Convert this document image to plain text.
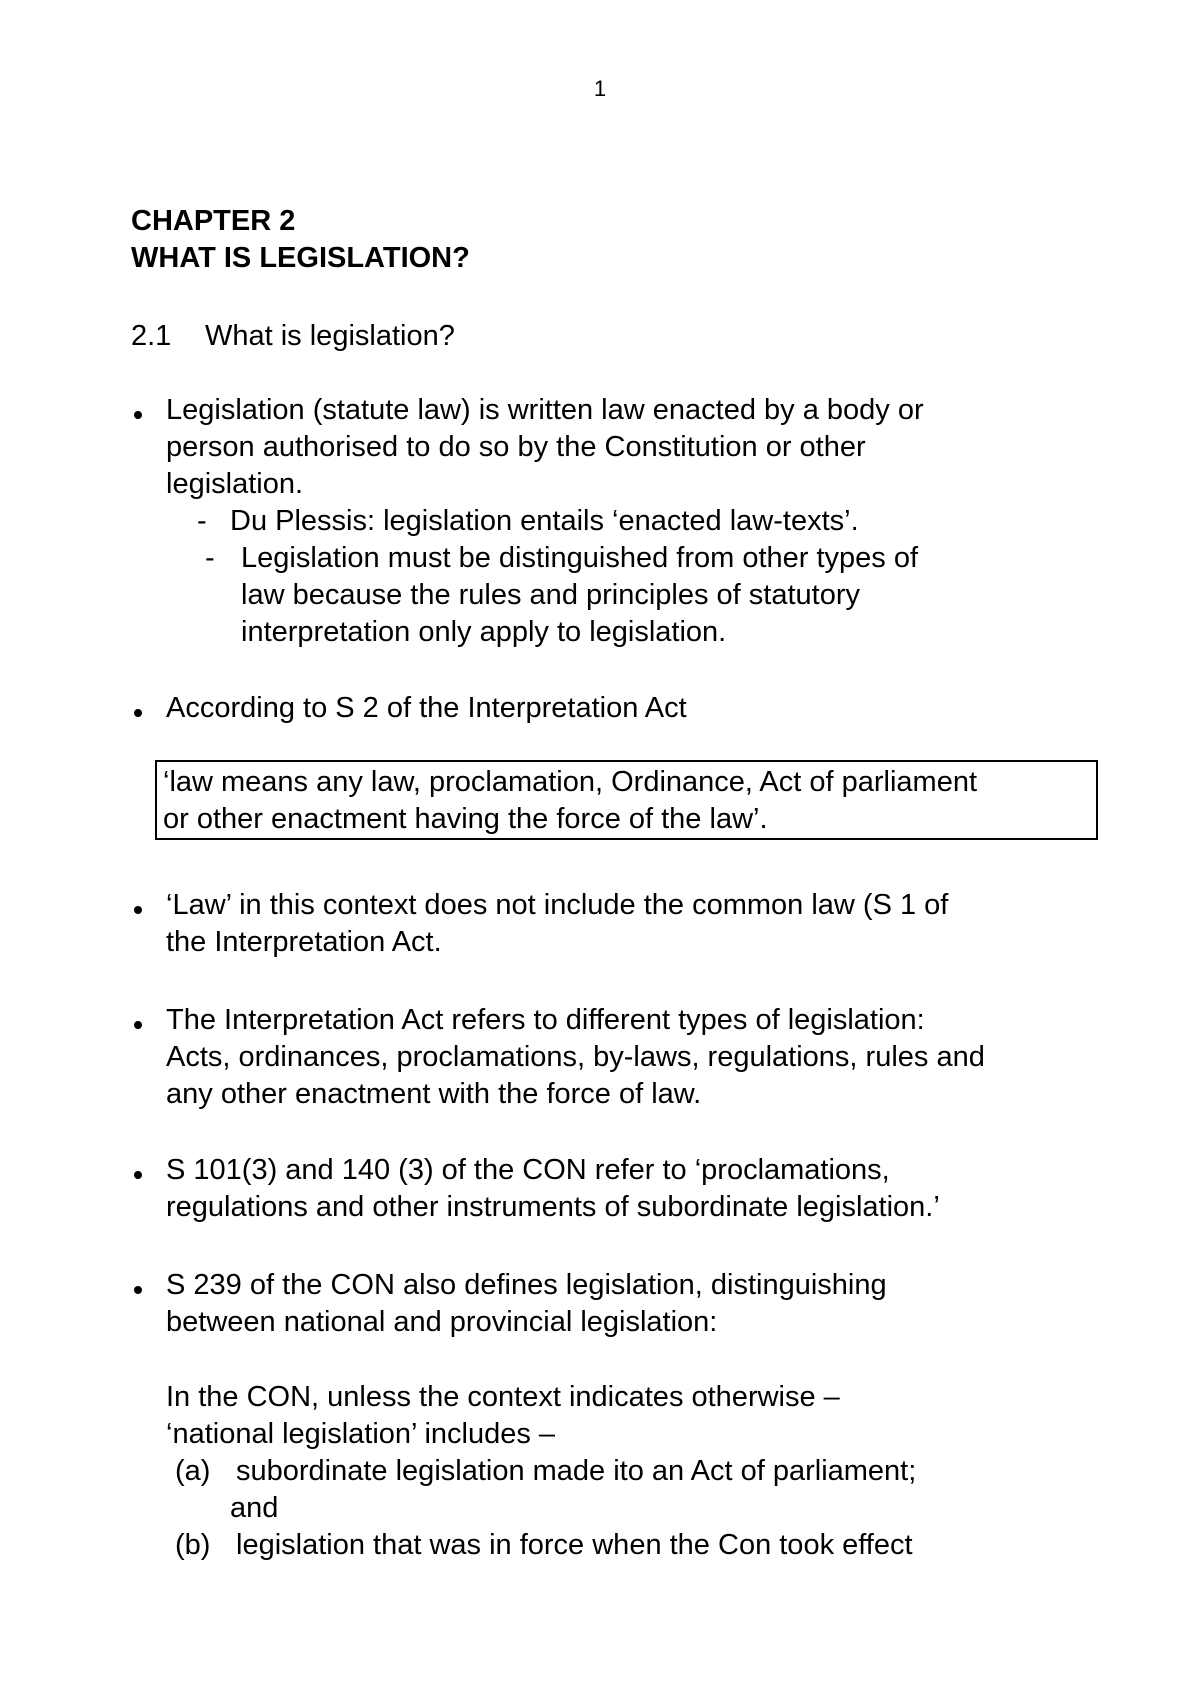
1
CHAPTER 2
WHAT IS LEGISLATION?
2.1 What is legislation?
Legislation (statute law) is written law enacted by a body or
person authorised to do so by the Constitution or other
legislation.
- Du Plessis: legislation entails ‘enacted law-texts’.
- Legislation must be distinguished from other types of
law because the rules and principles of statutory
interpretation only apply to legislation.
According to S 2 of the Interpretation Act
‘law means any law, proclamation, Ordinance, Act of parliament
or other enactment having the force of the law’.
‘Law’ in this context does not include the common law (S 1 of
the Interpretation Act.
The Interpretation Act refers to different types of legislation:
Acts, ordinances, proclamations, by-laws, regulations, rules and
any other enactment with the force of law.
S 101(3) and 140 (3) of the CON refer to ‘proclamations,
regulations and other instruments of subordinate legislation.’
S 239 of the CON also defines legislation, distinguishing
between national and provincial legislation:
In the CON, unless the context indicates otherwise –
‘national legislation’ includes –
(a) subordinate legislation made ito an Act of parliament;
and
(b) legislation that was in force when the Con took effect
